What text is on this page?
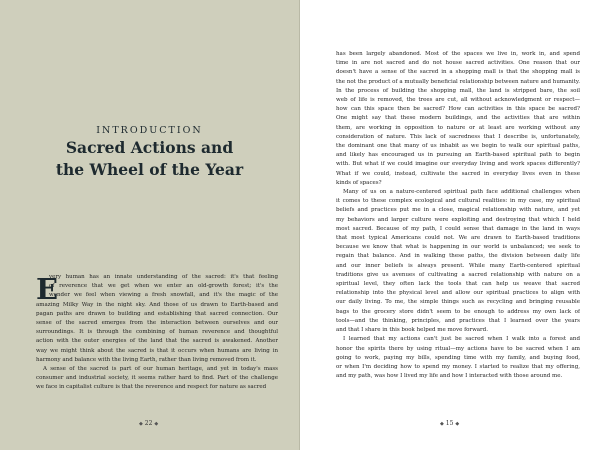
INTRODUCTION
Sacred Actions and
the Wheel of the Year
E
very human has an innate understanding of the sacred: it's that feeling
of reverence that we get when we enter an old-growth forest; it's the
wonder we feel when viewing a fresh snowfall, and it's the magic of the
amazing Milky Way in the night sky. And those of us drawn to Earth-based and
pagan paths are drawn to building and establishing that sacred connection. Our
sense of the sacred emerges from the interaction between ourselves and our
surroundings. It is through the combining of human reverence and thoughtful
action with the outer energies of the land that the sacred is awakened. Another
way we might think about the sacred is that it occurs when humans are living in
harmony and balance with the living Earth, rather than living removed from it.
A sense of the sacred is part of our human heritage, and yet in today's mass
consumer and industrial society, it seems rather hard to find. Part of the challenge
we face in capitalist culture is that the reverence and respect for nature as sacred
◆ 22 ◆
has been largely abandoned. Most of the spaces we live in, work in, and spend
time in are not sacred and do not house sacred activities. One reason that our
doesn't have a sense of the sacred in a shopping mall is that the shopping mall is
the not the product of a mutually beneficial relationship between nature and humanity.
In the process of building the shopping mall, the land is stripped bare, the soil
web of life is removed, the trees are cut, all without acknowledgment or respect—
how can this space then be sacred? How can activities in this space be sacred?
One might say that these modern buildings, and the activities that are within
them, are working in opposition to nature or at least are working without any
consideration of nature. This lack of sacredness that I describe is, unfortunately,
the dominant one that many of us inhabit as we begin to walk our spiritual paths,
and likely has encouraged us in pursuing an Earth-based spiritual path to begin
with. But what if we could imagine our everyday living and work spaces differently?
What if we could, instead, cultivate the sacred in everyday lives even in these
kinds of spaces?
Many of us on a nature-centered spiritual path face additional challenges when
it comes to these complex ecological and cultural realities: in my case, my spiritual
beliefs and practices put me in a close, magical relationship with nature, and yet
my behaviors and larger culture were exploiting and destroying that which I held
most sacred. Because of my path, I could sense that damage in the land in ways
that most typical Americans could not. We are drawn to Earth-based traditions
because we know that what is happening in our world is unbalanced; we seek to
regain that balance. And in walking these paths, the division between daily life
and our inner beliefs is always present. While many Earth-centered spiritual
traditions give us avenues of cultivating a sacred relationship with nature on a
spiritual level, they often lack the tools that can help us weave that sacred
relationship into the physical level and allow our spiritual practices to align with
our daily living. To me, the simple things such as recycling and bringing reusable
bags to the grocery store didn't seem to be enough to address my own lack of
tools—and the thinking, principles, and practices that I learned over the years
and that I share in this book helped me move forward.
I learned that my actions can't just be sacred when I walk into a forest and
honor the spirits there by using ritual—my actions have to be sacred when I am
going to work, paying my bills, spending time with my family, and buying food,
or when I'm deciding how to spend my money. I started to realize that my offering,
and my path, was how I lived my life and how I interacted with those around me.
◆ 15 ◆
